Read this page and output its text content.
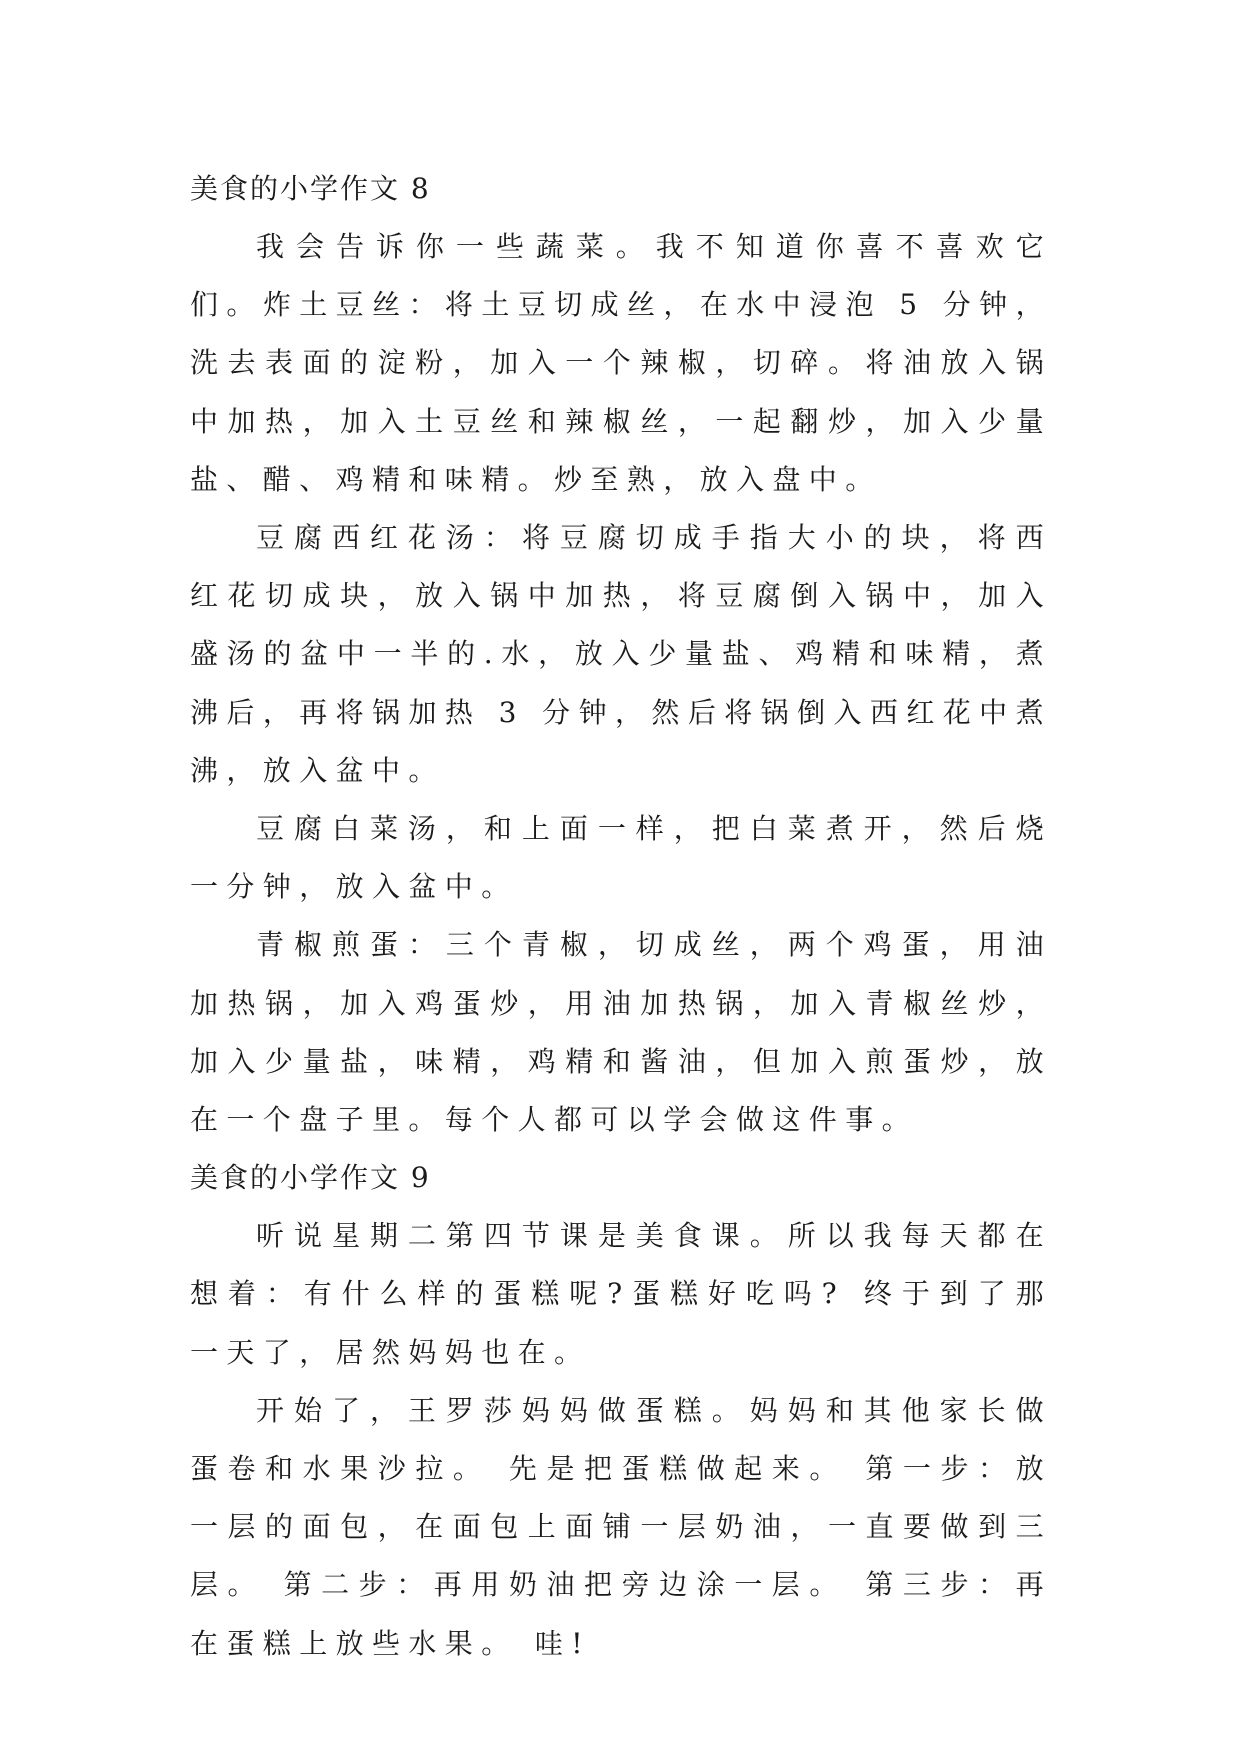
美食的小学作文 8

我会告诉你一些蔬菜。我不知道你喜不喜欢它们。炸土豆丝：将土豆切成丝，在水中浸泡 5 分钟，洗去表面的淀粉，加入一个辣椒，切碎。将油放入锅中加热，加入土豆丝和辣椒丝，一起翻炒，加入少量盐、醋、鸡精和味精。炒至熟，放入盘中。

豆腐西红花汤：将豆腐切成手指大小的块，将西红花切成块，放入锅中加热，将豆腐倒入锅中，加入盛汤的盆中一半的.水，放入少量盐、鸡精和味精，煮沸后，再将锅加热 3 分钟，然后将锅倒入西红花中煮沸，放入盆中。

豆腐白菜汤，和上面一样，把白菜煮开，然后烧一分钟，放入盆中。

青椒煎蛋：三个青椒，切成丝，两个鸡蛋，用油加热锅，加入鸡蛋炒，用油加热锅，加入青椒丝炒，加入少量盐，味精，鸡精和酱油，但加入煎蛋炒，放在一个盘子里。每个人都可以学会做这件事。

美食的小学作文 9

听说星期二第四节课是美食课。所以我每天都在想着：有什么样的蛋糕呢?蛋糕好吃吗? 终于到了那一天了，居然妈妈也在。

开始了，王罗莎妈妈做蛋糕。妈妈和其他家长做蛋卷和水果沙拉。 先是把蛋糕做起来。 第一步：放一层的面包，在面包上面铺一层奶油，一直要做到三层。 第二步：再用奶油把旁边涂一层。 第三步：再在蛋糕上放些水果。 哇!
